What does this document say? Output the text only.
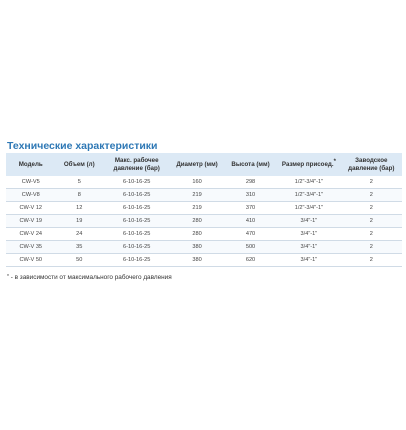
Технические характеристики
Модель	Объем (л)	Макс. рабочее давление (бар)	Диаметр (мм)	Высота (мм)	Размер присоед.*	Заводское давление (бар)
CW-V5	5	6-10-16-25	160	298	1/2"-3/4"-1"	2
CW-V8	8	6-10-16-25	219	310	1/2"-3/4"-1"	2
CW-V 12	12	6-10-16-25	219	370	1/2"-3/4"-1"	2
CW-V 19	19	6-10-16-25	280	410	3/4"-1"	2
CW-V 24	24	6-10-16-25	280	470	3/4"-1"	2
CW-V 35	35	6-10-16-25	380	500	3/4"-1"	2
CW-V 50	50	6-10-16-25	380	620	3/4"-1"	2
* - в зависимости от максимального рабочего давления
